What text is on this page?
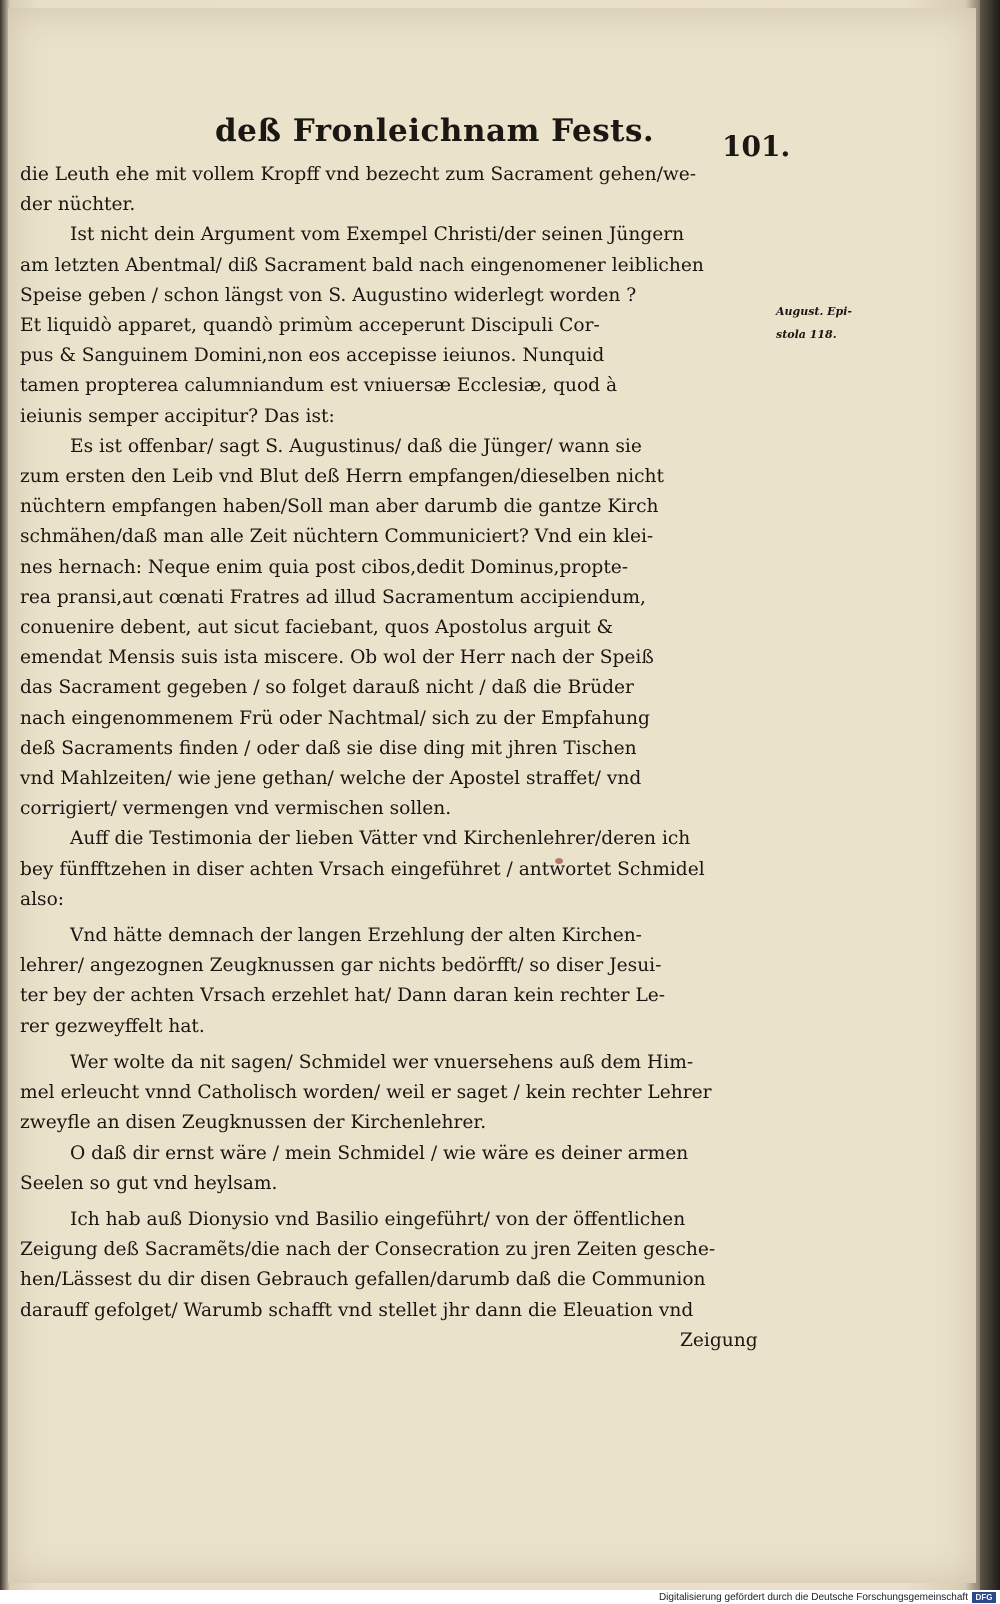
deß Fronleichnam Fests. 101.
August. Epi-
stola 118.
die Leuth ehe mit vollem Kropff vnd bezecht zum Sacrament gehen/we-
der nüchter.
Ist nicht dein Argument vom Exempel Christi/der seinen Jüngern
am letzten Abentmal/ diß Sacrament bald nach eingenomener leiblichen
Speise geben / schon längst von S. Augustino widerlegt worden ?
Et liquidò apparet, quandò primùm acceperunt Discipuli Cor-
pus & Sanguinem Domini,non eos accepisse ieiunos. Nunquid
tamen propterea calumniandum est vniuersæ Ecclesiæ, quod à
ieiunis semper accipitur? Das ist:
Es ist offenbar/ sagt S. Augustinus/ daß die Jünger/ wann sie
zum ersten den Leib vnd Blut deß Herrn empfangen/dieselben nicht
nüchtern empfangen haben/Soll man aber darumb die gantze Kirch
schmähen/daß man alle Zeit nüchtern Communiciert? Vnd ein klei-
nes hernach: Neque enim quia post cibos,dedit Dominus,propte-
rea pransi,aut cœnati Fratres ad illud Sacramentum accipiendum,
conuenire debent, aut sicut faciebant, quos Apostolus arguit &
emendat Mensis suis ista miscere. Ob wol der Herr nach der Speiß
das Sacrament gegeben / so folget darauß nicht / daß die Brüder
nach eingenommenem Frü oder Nachtmal/ sich zu der Empfahung
deß Sacraments finden / oder daß sie dise ding mit jhren Tischen
vnd Mahlzeiten/ wie jene gethan/ welche der Apostel straffet/ vnd
corrigiert/ vermengen vnd vermischen sollen.
Auff die Testimonia der lieben Vätter vnd Kirchenlehrer/deren ich
bey fünfftzehen in diser achten Vrsach eingeführet / antwortet Schmidel
also:
Vnd hätte demnach der langen Erzehlung der alten Kirchen-
lehrer/ angezognen Zeugknussen gar nichts bedörfft/ so diser Jesui-
ter bey der achten Vrsach erzehlet hat/ Dann daran kein rechter Le-
rer gezweyffelt hat.
Wer wolte da nit sagen/ Schmidel wer vnuersehens auß dem Him-
mel erleucht vnnd Catholisch worden/ weil er saget / kein rechter Lehrer
zweyfle an disen Zeugknussen der Kirchenlehrer.
O daß dir ernst wäre / mein Schmidel / wie wäre es deiner armen
Seelen so gut vnd heylsam.
Ich hab auß Dionysio vnd Basilio eingeführt/ von der öffentlichen
Zeigung deß Sacramẽts/die nach der Consecration zu jren Zeiten gesche-
hen/Lässest du dir disen Gebrauch gefallen/darumb daß die Communion
darauff gefolget/ Warumb schafft vnd stellet jhr dann die Eleuation vnd
Zeigung
Digitalisierung gefördert durch die Deutsche Forschungsgemeinschaft DFG
